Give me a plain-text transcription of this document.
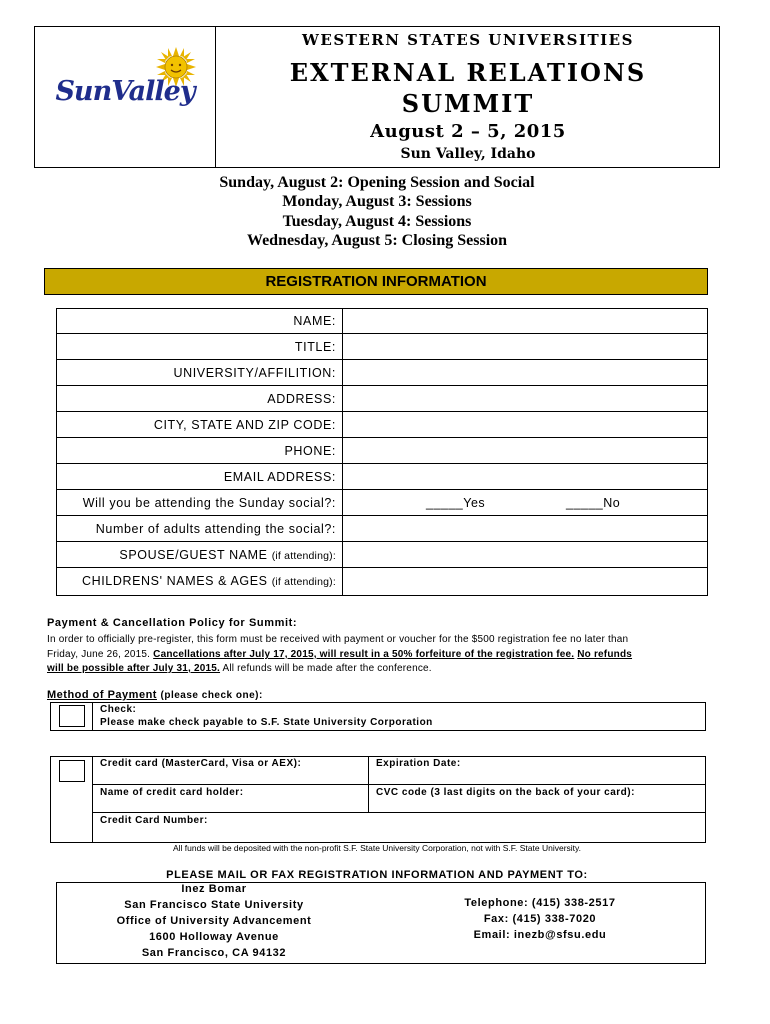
SunValley
WESTERN STATES UNIVERSITIES
EXTERNAL RELATIONS
SUMMIT
August 2 – 5, 2015
Sun Valley, Idaho
Sunday, August 2: Opening Session and Social
Monday, August 3: Sessions
Tuesday, August 4: Sessions
Wednesday, August 5: Closing Session
REGISTRATION INFORMATION
NAME:
TITLE:
UNIVERSITY/AFFILITION:
ADDRESS:
CITY, STATE AND ZIP CODE:
PHONE:
EMAIL ADDRESS:
Will you be attending the Sunday social?:	_____Yes	_____No
Number of adults attending the social?:
SPOUSE/GUEST NAME (if attending):
CHILDRENS' NAMES & AGES (if attending):
Payment & Cancellation Policy for Summit:
In order to officially pre-register, this form must be received with payment or voucher for the $500 registration fee no later than
Friday, June 26, 2015. Cancellations after July 17, 2015, will result in a 50% forfeiture of the registration fee. No refunds
will be possible after July 31, 2015. All refunds will be made after the conference.
Method of Payment (please check one):
Check:
Please make check payable to S.F. State University Corporation
Credit card (MasterCard, Visa or AEX):	Expiration Date:
Name of credit card holder:	CVC code (3 last digits on the back of your card):
Credit Card Number:
All funds will be deposited with the non-profit S.F. State University Corporation, not with S.F. State University.
PLEASE MAIL OR FAX REGISTRATION INFORMATION AND PAYMENT TO:
Inez Bomar
San Francisco State University
Office of University Advancement
1600 Holloway Avenue
San Francisco, CA 94132
Telephone: (415) 338-2517
Fax: (415) 338-7020
Email: inezb@sfsu.edu
